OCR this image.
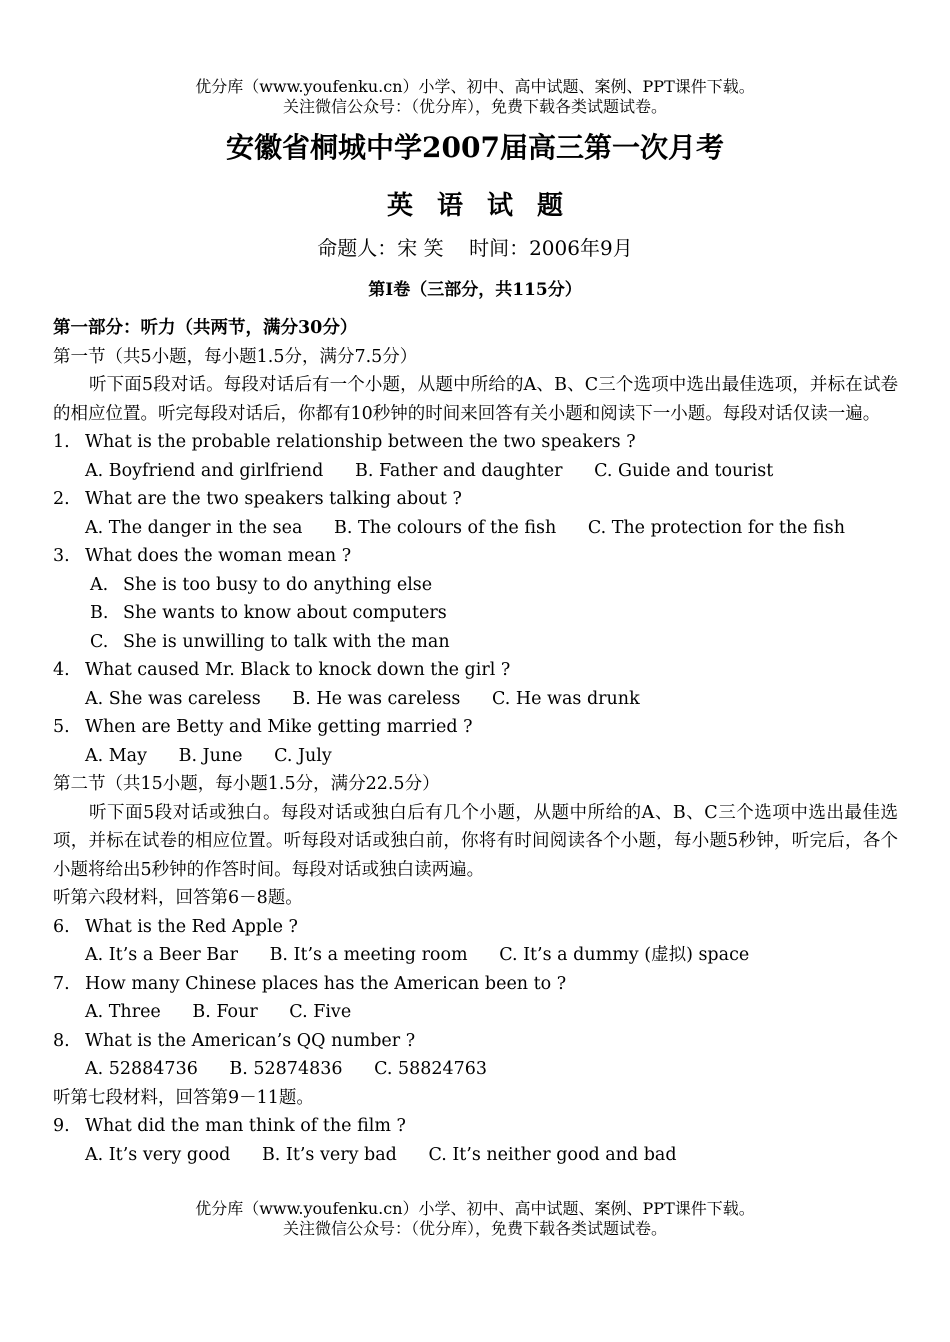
优分库（www.youfenku.cn）小学、初中、高中试题、案例、PPT课件下载。
关注微信公众号：（优分库），免费下载各类试题试卷。
安徽省桐城中学2007届高三第一次月考
英语试题
命题人：宋 笑    时间：2006年9月
第I卷（三部分，共115分）
第一部分：听力（共两节，满分30分）
第一节（共5小题，每小题1.5分，满分7.5分）
听下面5段对话。每段对话后有一个小题，从题中所给的A、B、C三个选项中选出最佳选项，并标在试卷的相应位置。听完每段对话后，你都有10秒钟的时间来回答有关小题和阅读下一小题。每段对话仅读一遍。
1. What is the probable relationship between the two speakers ?
A. Boyfriend and girlfriend B. Father and daughter C. Guide and tourist
2. What are the two speakers talking about ?
A. The danger in the sea B. The colours of the fish C. The protection for the fish
3. What does the woman mean ?
A. She is too busy to do anything else
B. She wants to know about computers
C. She is unwilling to talk with the man
4. What caused Mr. Black to knock down the girl ?
A. She was careless B. He was careless C. He was drunk
5. When are Betty and Mike getting married ?
A. May B. June C. July
第二节（共15小题，每小题1.5分，满分22.5分）
听下面5段对话或独白。每段对话或独白后有几个小题，从题中所给的A、B、C三个选项中选出最佳选项，并标在试卷的相应位置。听每段对话或独白前，你将有时间阅读各个小题，每小题5秒钟，听完后，各个小题将给出5秒钟的作答时间。每段对话或独白读两遍。
听第六段材料，回答第6－8题。
6. What is the Red Apple ?
A. It’s a Beer Bar B. It’s a meeting room C. It’s a dummy (虚拟) space
7. How many Chinese places has the American been to ?
A. Three B. Four C. Five
8. What is the American’s QQ number ?
A. 52884736 B. 52874836 C. 58824763
听第七段材料，回答第9－11题。
9. What did the man think of the film ?
A. It’s very good B. It’s very bad C. It’s neither good and bad
优分库（www.youfenku.cn）小学、初中、高中试题、案例、PPT课件下载。
关注微信公众号：（优分库），免费下载各类试题试卷。
